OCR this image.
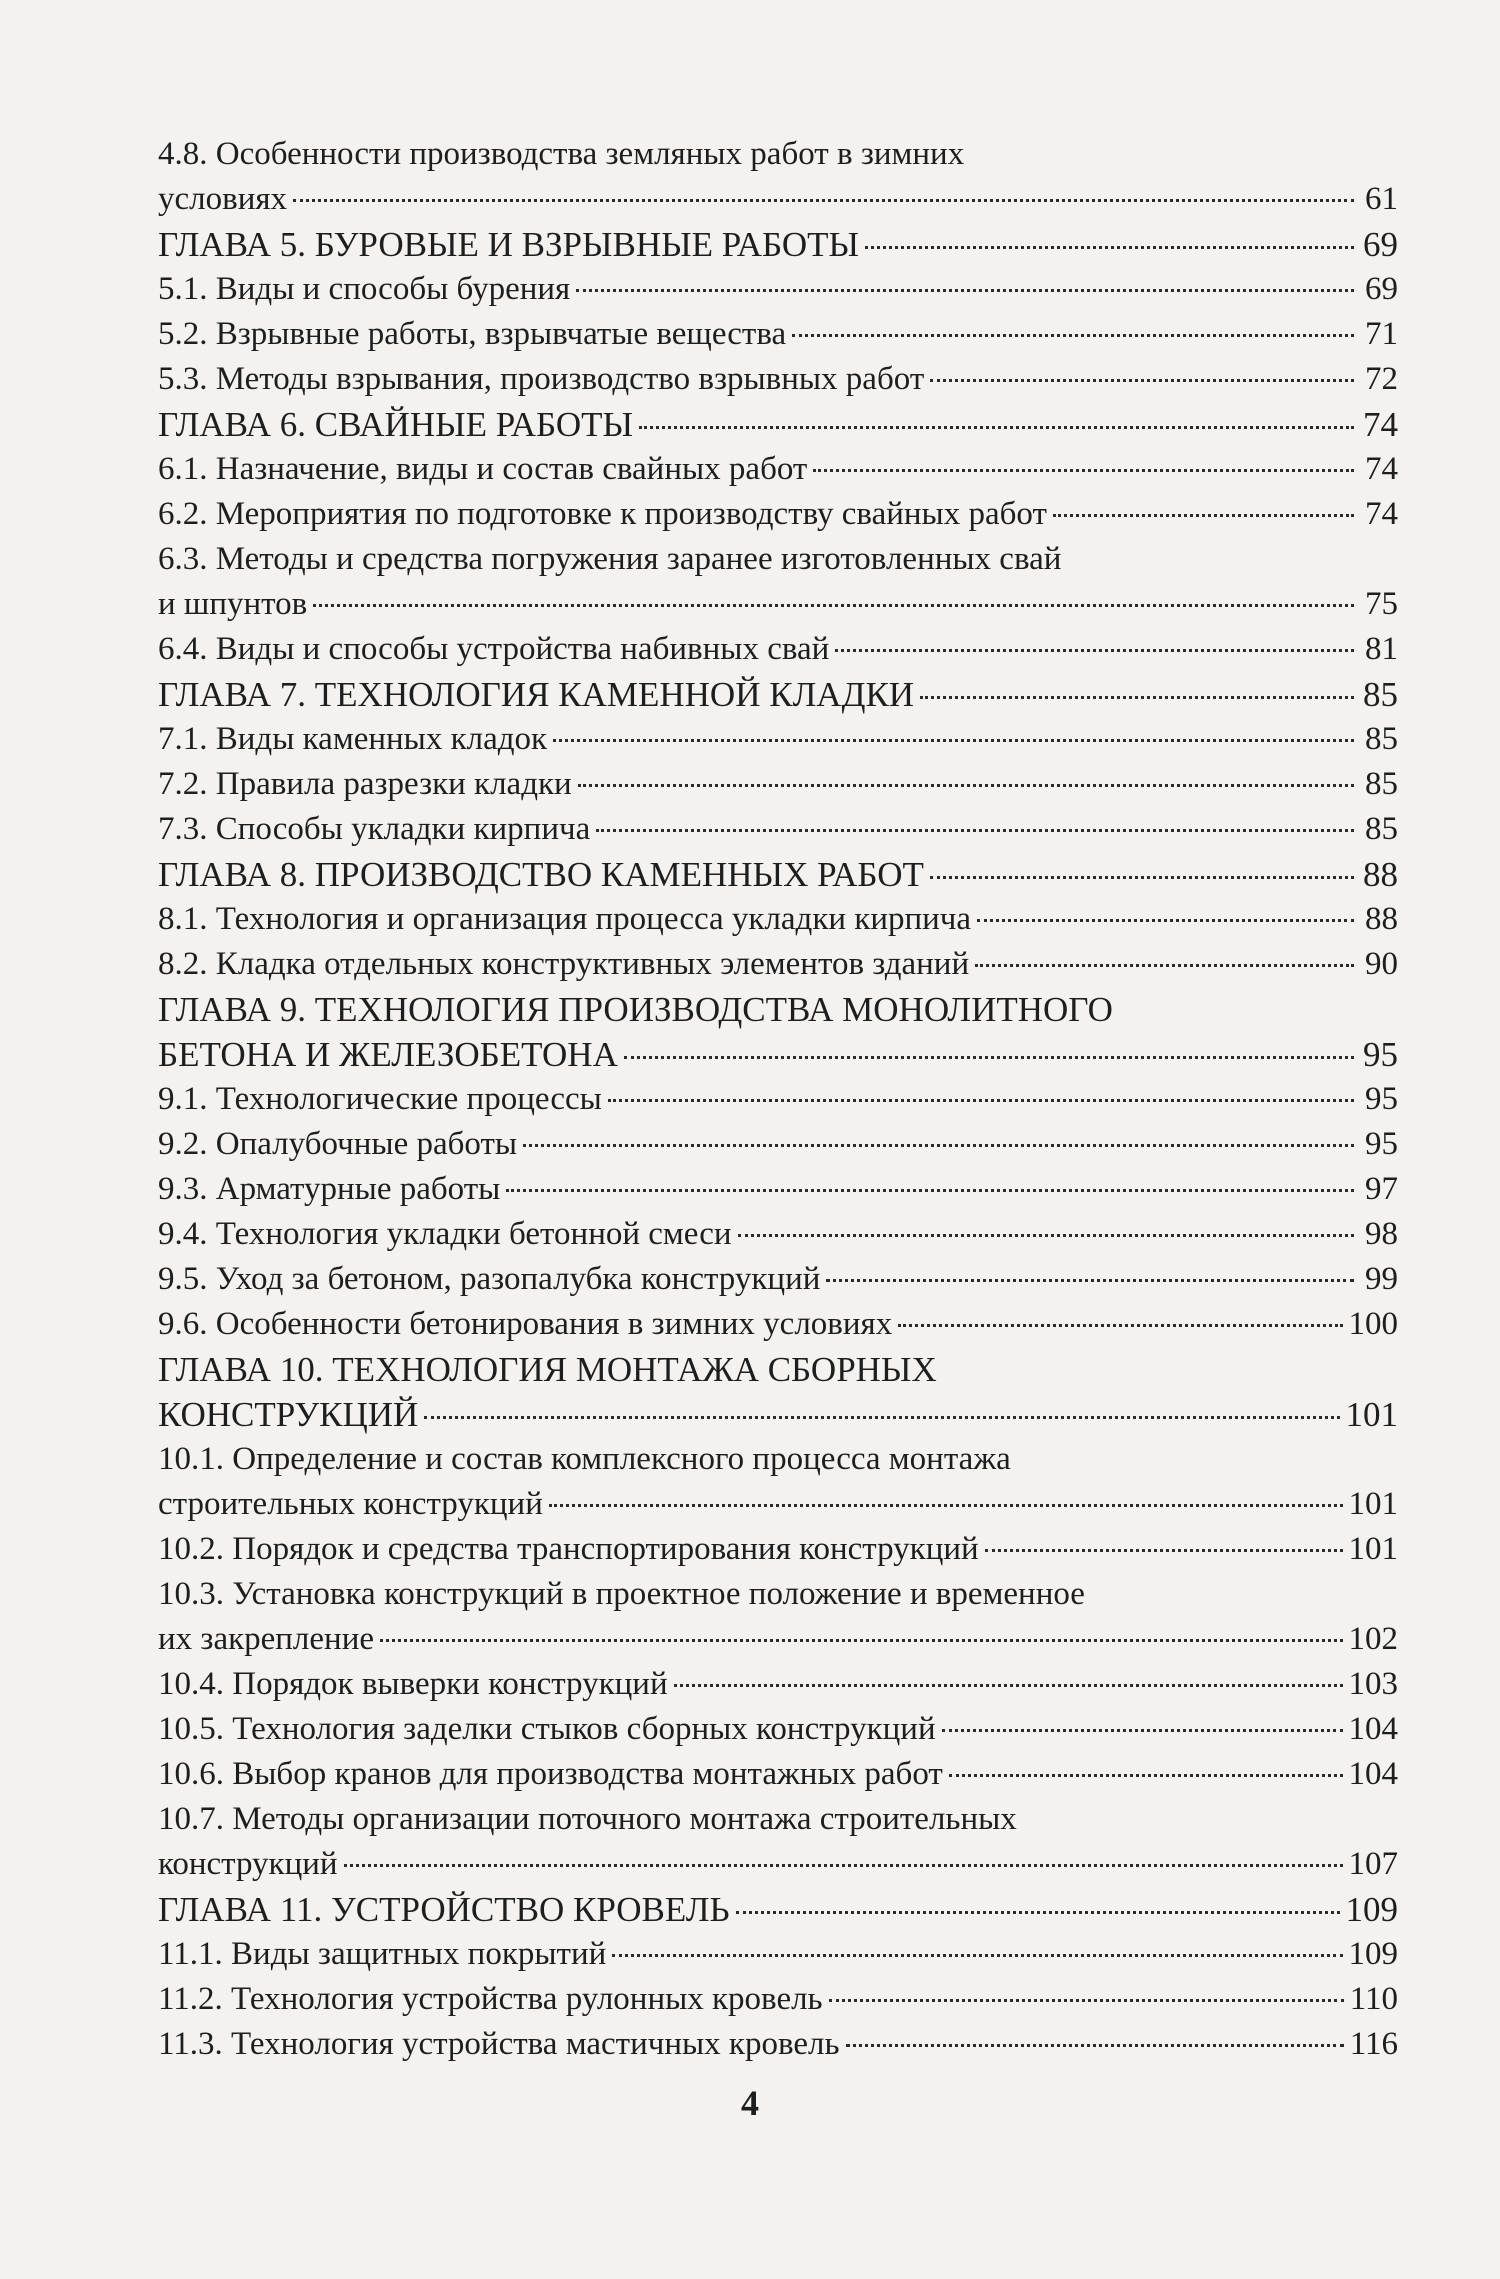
4.8. Особенности производства земляных работ в зимних
условиях	61
ГЛАВА 5. БУРОВЫЕ И ВЗРЫВНЫЕ РАБОТЫ	69
5.1. Виды и способы бурения	69
5.2. Взрывные работы, взрывчатые вещества	71
5.3. Методы взрывания, производство взрывных работ	72
ГЛАВА 6. СВАЙНЫЕ РАБОТЫ	74
6.1. Назначение, виды и состав свайных работ	74
6.2. Мероприятия по подготовке к производству свайных работ	74
6.3. Методы и средства погружения заранее изготовленных свай
и шпунтов	75
6.4. Виды и способы устройства набивных свай	81
ГЛАВА 7. ТЕХНОЛОГИЯ КАМЕННОЙ КЛАДКИ	85
7.1. Виды каменных кладок	85
7.2. Правила разрезки кладки	85
7.3. Способы укладки кирпича	85
ГЛАВА 8. ПРОИЗВОДСТВО КАМЕННЫХ РАБОТ	88
8.1. Технология и организация процесса укладки кирпича	88
8.2. Кладка отдельных конструктивных элементов зданий	90
ГЛАВА 9. ТЕХНОЛОГИЯ ПРОИЗВОДСТВА МОНОЛИТНОГО
БЕТОНА И ЖЕЛЕЗОБЕТОНА	95
9.1. Технологические процессы	95
9.2. Опалубочные работы	95
9.3. Арматурные работы	97
9.4. Технология укладки бетонной смеси	98
9.5. Уход за бетоном, разопалубка конструкций	99
9.6. Особенности бетонирования в зимних условиях	100
ГЛАВА 10. ТЕХНОЛОГИЯ МОНТАЖА СБОРНЫХ
КОНСТРУКЦИЙ	101
10.1. Определение и состав комплексного процесса монтажа
строительных конструкций	101
10.2. Порядок и средства транспортирования конструкций	101
10.3. Установка конструкций в проектное положение и временное
их закрепление	102
10.4. Порядок выверки конструкций	103
10.5. Технология заделки стыков сборных конструкций	104
10.6. Выбор кранов для производства монтажных работ	104
10.7. Методы организации поточного монтажа строительных
конструкций	107
ГЛАВА 11. УСТРОЙСТВО КРОВЕЛЬ	109
11.1. Виды защитных покрытий	109
11.2. Технология устройства рулонных кровель	110
11.3. Технология устройства мастичных кровель	116
4
